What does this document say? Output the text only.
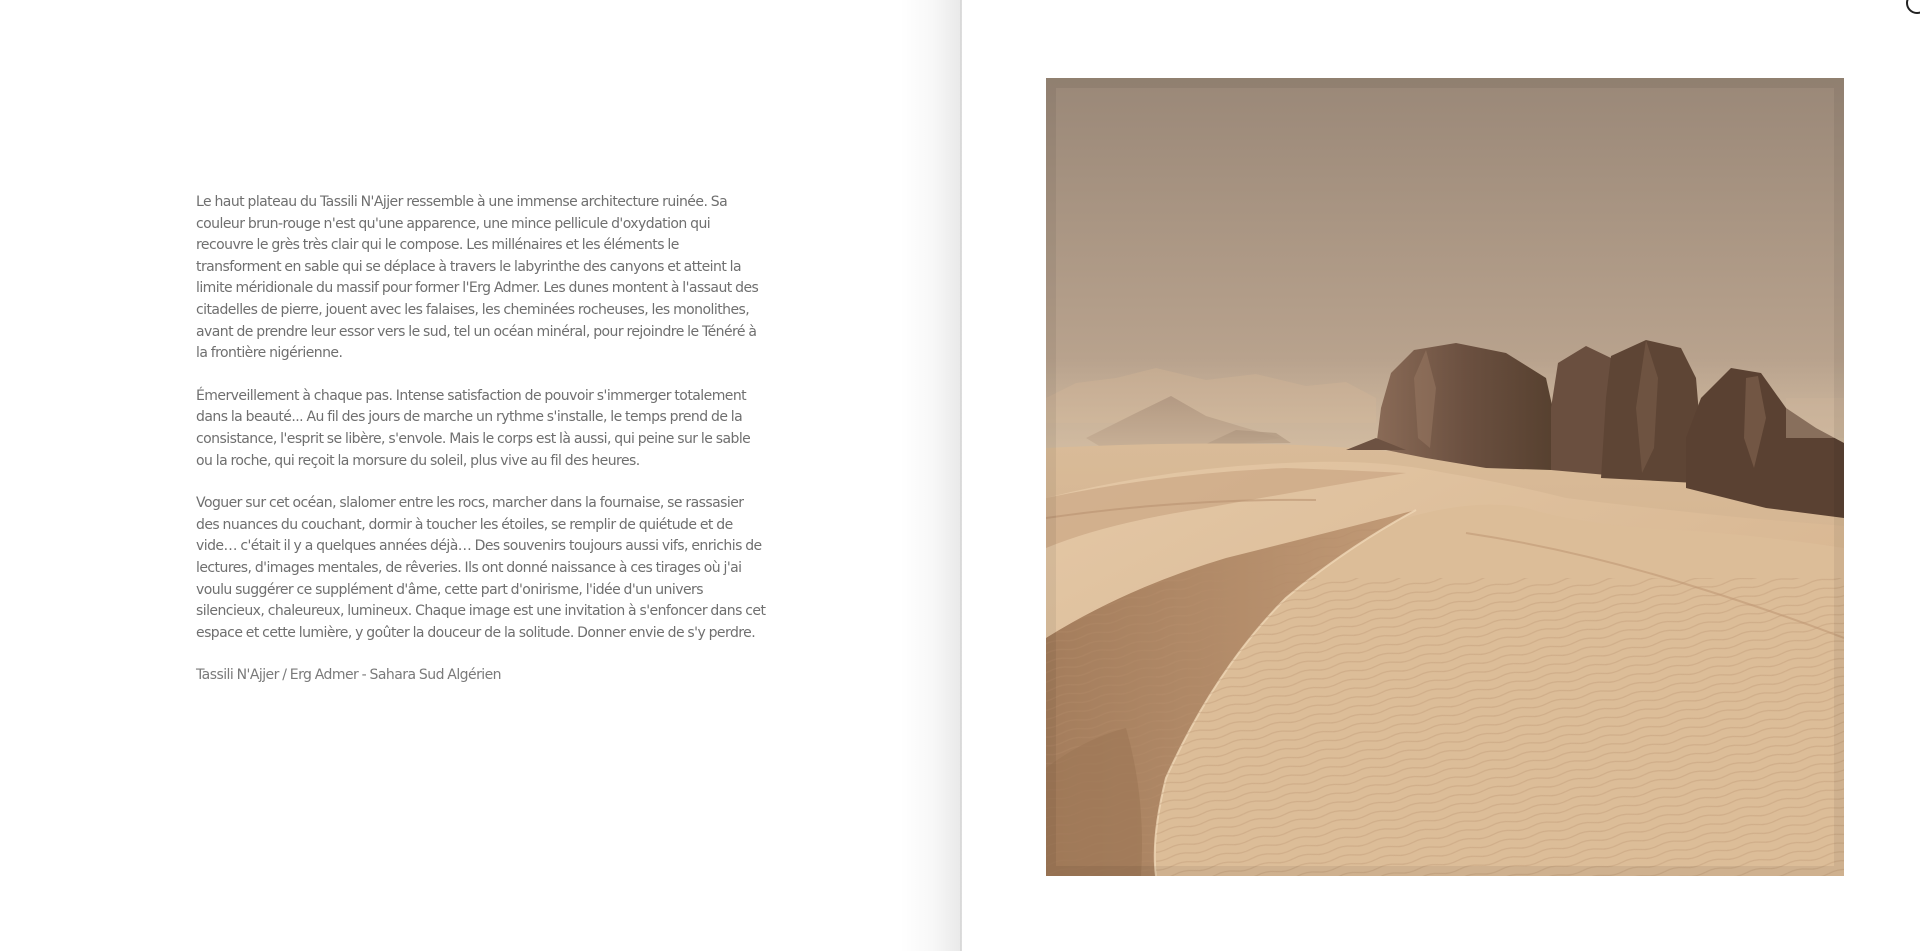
Le haut plateau du Tassili N'Ajjer ressemble à une immense architecture ruinée. Sa couleur brun-rouge n'est qu'une apparence, une mince pellicule d'oxydation qui recouvre le grès très clair qui le compose. Les millénaires et les éléments le transforment en sable qui se déplace à travers le labyrinthe des canyons et atteint la limite méridionale du massif pour former l'Erg Admer. Les dunes montent à l'assaut des citadelles de pierre, jouent avec les falaises, les cheminées rocheuses, les monolithes, avant de prendre leur essor vers le sud, tel un océan minéral, pour rejoindre le Ténéré à la frontière nigérienne.

Émerveillement à chaque pas. Intense satisfaction de pouvoir s'immerger totalement dans la beauté... Au fil des jours de marche un rythme s'installe, le temps prend de la consistance, l'esprit se libère, s'envole. Mais le corps est là aussi, qui peine sur le sable ou la roche, qui reçoit la morsure du soleil, plus vive au fil des heures.

Voguer sur cet océan, slalomer entre les rocs, marcher dans la fournaise, se rassasier des nuances du couchant, dormir à toucher les étoiles, se remplir de quiétude et de vide… c'était il y a quelques années déjà… Des souvenirs toujours aussi vifs, enrichis de lectures, d'images mentales, de rêveries. Ils ont donné naissance à ces tirages où j'ai voulu suggérer ce supplément d'âme, cette part d'onirisme, l'idée d'un univers silencieux, chaleureux, lumineux. Chaque image est une invitation à s'enfoncer dans cet espace et cette lumière, y goûter la douceur de la solitude. Donner envie de s'y perdre.

Tassili N'Ajjer / Erg Admer - Sahara Sud Algérien
